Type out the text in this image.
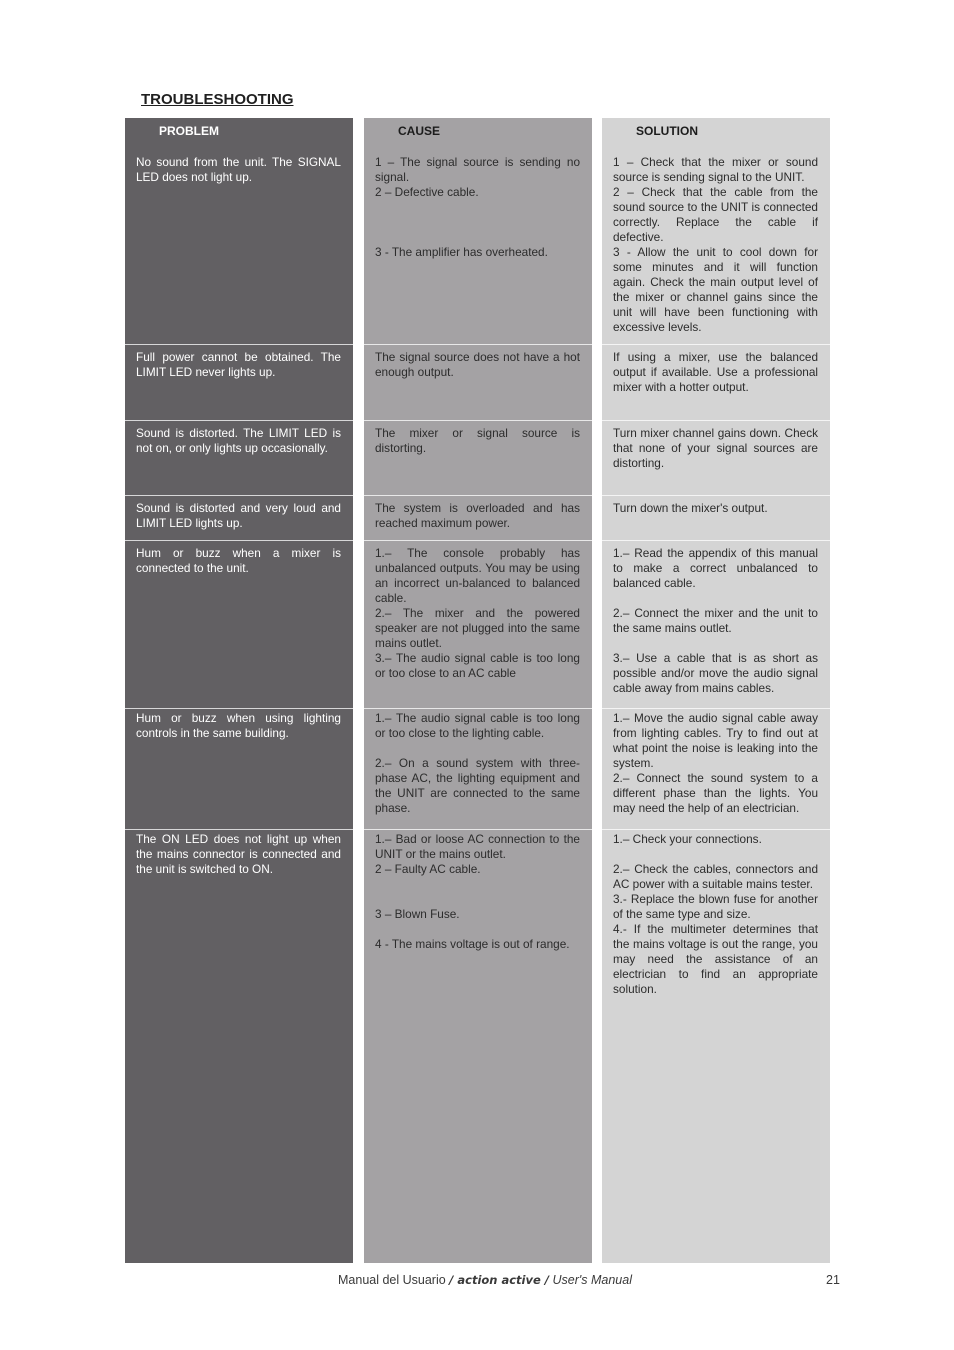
TROUBLESHOOTING
PROBLEM

No sound from the unit. The SIGNAL LED does not light up.

Full power cannot be obtained. The LIMIT LED never lights up.

Sound is distorted. The LIMIT LED is not on, or only lights up occasionally.

Sound is distorted and very loud and LIMIT LED lights up.

Hum or buzz when a mixer is connected to the unit.

Hum or buzz when using lighting controls in the same building.

The ON LED does not light up when the mains connector is connected and the unit is switched to ON.

CAUSE

1 – The signal source is sending no signal.

2 – Defective cable.

3 - The amplifier has overheated.

The signal source does not have a hot enough output.

The mixer or signal source is distorting.

The system is overloaded and has reached maximum power.

1.– The console probably has unbalanced outputs. You may be using an incorrect un-balanced to balanced cable.

2.– The mixer and the powered speaker are not plugged into the same mains outlet.

3.– The audio signal cable is too long or too close to an AC cable

1.– The audio signal cable is too long or too close to the lighting cable.

2.– On a sound system with three-phase AC, the lighting equipment and the UNIT are connected to the same phase.

1.– Bad or loose AC connection to the UNIT or the mains outlet.

2 – Faulty AC cable.

3 – Blown Fuse.

4 - The mains voltage is out of range.

SOLUTION

1 – Check that the mixer or sound source is sending signal to the UNIT.

2 – Check that the cable from the sound source to the UNIT is connected correctly. Replace the cable if defective.

3 - Allow the unit to cool down for some minutes and it will function again. Check the main output level of the mixer or channel gains since the unit will have been functioning with excessive levels.

If using a mixer, use the balanced output if available. Use a professional mixer with a hotter output.

Turn mixer channel gains down. Check that none of your signal sources are distorting.

Turn down the mixer's output.

1.– Read the appendix of this manual to make a correct unbalanced to balanced cable.

2.– Connect the mixer and the unit to the same mains outlet.

3.– Use a cable that is as short as possible and/or move the audio signal cable away from mains cables.

1.– Move the audio signal cable away from lighting cables. Try to find out at what point the noise is leaking into the system.

2.– Connect the sound system to a different phase than the lights. You may need the help of an electrician.

1.– Check your connections.

2.– Check the cables, connectors and AC power with a suitable mains tester.

3.- Replace the blown fuse for another of the same type and size.

4.- If the multimeter determines that the mains voltage is out the range, you may need the assistance of an electrician to find an appropriate solution.

Manual del Usuario / action active / User's Manual	21
